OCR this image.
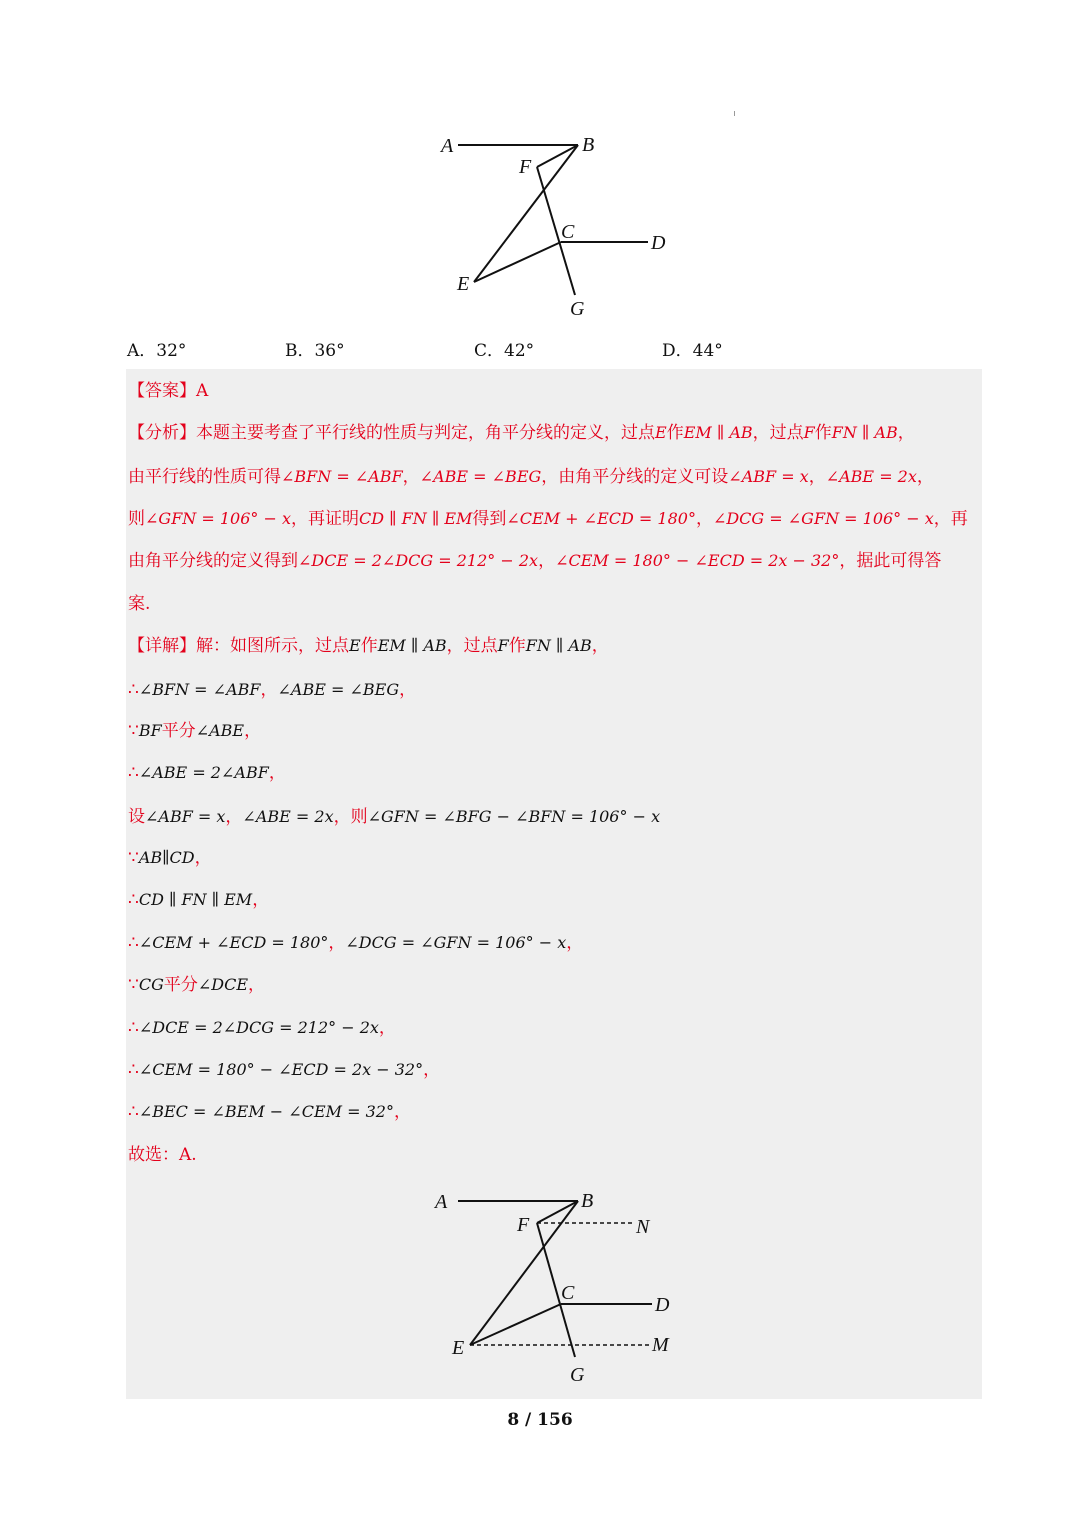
A	B
F
C	D
E
G
A．32°	B．36°	C．42°	D．44°
【答案】A
【分析】本题主要考查了平行线的性质与判定，角平分线的定义，过点E作EM ∥ AB，过点F作FN ∥ AB，
由平行线的性质可得∠BFN = ∠ABF，∠ABE = ∠BEG，由角平分线的定义可设∠ABF = x，∠ABE = 2x，
则∠GFN = 106° − x，再证明CD ∥ FN ∥ EM得到∠CEM + ∠ECD = 180°，∠DCG = ∠GFN = 106° − x，再
由角平分线的定义得到∠DCE = 2∠DCG = 212° − 2x，∠CEM = 180° − ∠ECD = 2x − 32°，据此可得答
案.
【详解】解：如图所示，过点E作EM ∥ AB，过点F作FN ∥ AB，
∴∠BFN = ∠ABF，∠ABE = ∠BEG，
∵BF平分∠ABE，
∴∠ABE = 2∠ABF，
设∠ABF = x，∠ABE = 2x，则∠GFN = ∠BFG − ∠BFN = 106° − x
∵AB∥CD，
∴CD ∥ FN ∥ EM，
∴∠CEM + ∠ECD = 180°，∠DCG = ∠GFN = 106° − x，
∵CG平分∠DCE，
∴∠DCE = 2∠DCG = 212° − 2x，
∴∠CEM = 180° − ∠ECD = 2x − 32°，
∴∠BEC = ∠BEM − ∠CEM = 32°，
故选：A.
A	B
F	N
C
D
E	M
G
8 / 156
